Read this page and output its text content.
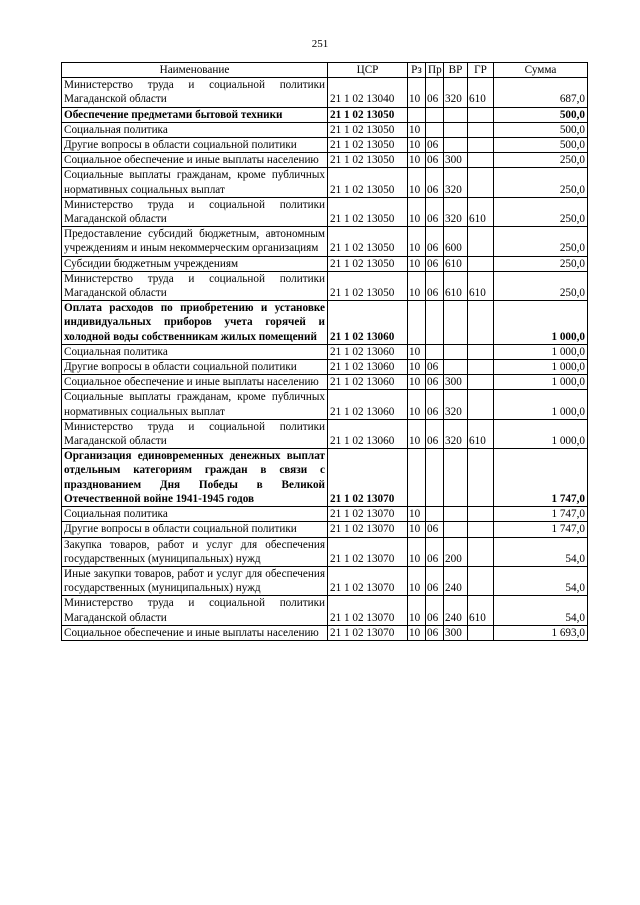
251
Наименование	ЦСР	Рз	Пр	ВР	ГР	Сумма
Министерство труда и социальной политики Магаданской области	21 1 02 13040	10	06	320	610	687,0
Обеспечение предметами бытовой техники	21 1 02 13050					500,0
Социальная политика	21 1 02 13050	10				500,0
Другие вопросы в области социальной политики	21 1 02 13050	10	06			500,0
Социальное обеспечение и иные выплаты населению	21 1 02 13050	10	06	300		250,0
Социальные выплаты гражданам, кроме публичных нормативных социальных выплат	21 1 02 13050	10	06	320		250,0
Министерство труда и социальной политики Магаданской области	21 1 02 13050	10	06	320	610	250,0
Предоставление субсидий бюджетным, автономным учреждениям и иным некоммерческим организациям	21 1 02 13050	10	06	600		250,0
Субсидии бюджетным учреждениям	21 1 02 13050	10	06	610		250,0
Министерство труда и социальной политики Магаданской области	21 1 02 13050	10	06	610	610	250,0
Оплата расходов по приобретению и установке индивидуальных приборов учета горячей и холодной воды собственникам жилых помещений	21 1 02 13060					1 000,0
Социальная политика	21 1 02 13060	10				1 000,0
Другие вопросы в области социальной политики	21 1 02 13060	10	06			1 000,0
Социальное обеспечение и иные выплаты населению	21 1 02 13060	10	06	300		1 000,0
Социальные выплаты гражданам, кроме публичных нормативных социальных выплат	21 1 02 13060	10	06	320		1 000,0
Министерство труда и социальной политики Магаданской области	21 1 02 13060	10	06	320	610	1 000,0
Организация единовременных денежных выплат отдельным категориям граждан в связи с празднованием Дня Победы в Великой Отечественной войне 1941-1945 годов	21 1 02 13070					1 747,0
Социальная политика	21 1 02 13070	10				1 747,0
Другие вопросы в области социальной политики	21 1 02 13070	10	06			1 747,0
Закупка товаров, работ и услуг для обеспечения государственных (муниципальных) нужд	21 1 02 13070	10	06	200		54,0
Иные закупки товаров, работ и услуг для обеспечения государственных (муниципальных) нужд	21 1 02 13070	10	06	240		54,0
Министерство труда и социальной политики Магаданской области	21 1 02 13070	10	06	240	610	54,0
Социальное обеспечение и иные выплаты населению	21 1 02 13070	10	06	300		1 693,0
